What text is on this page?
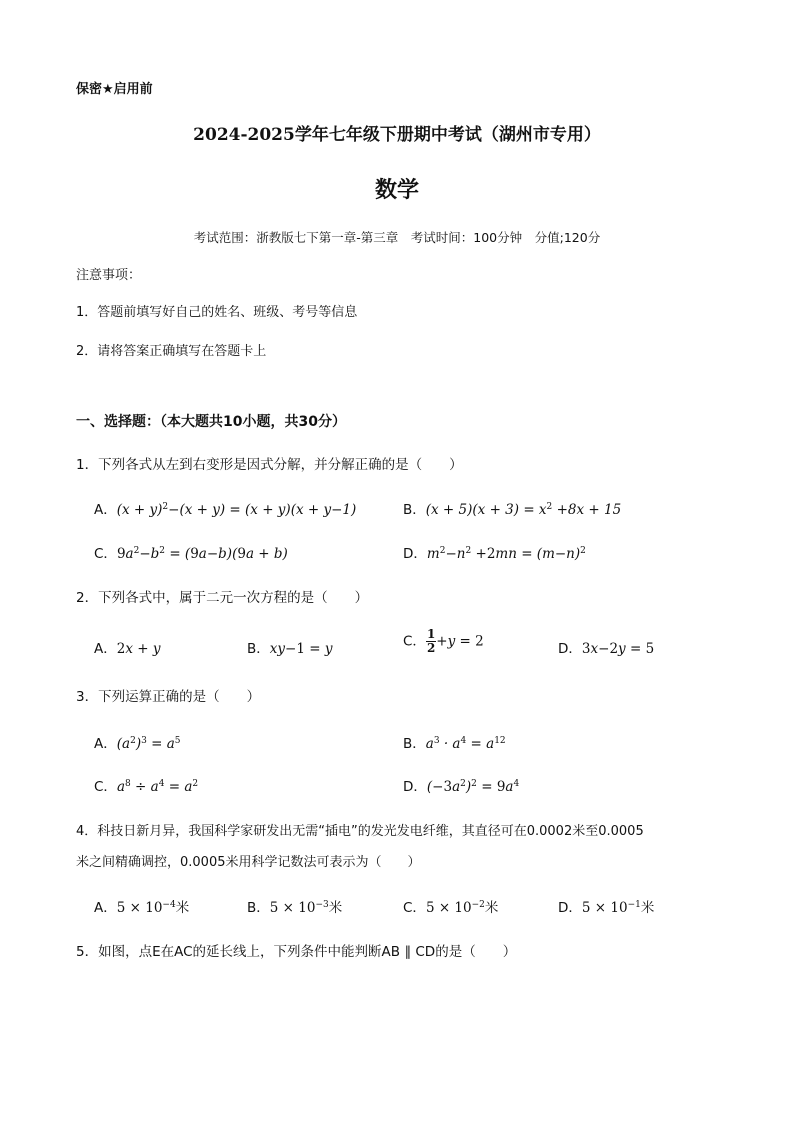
保密★启用前
2024-2025学年七年级下册期中考试（湖州市专用）
数学
考试范围：浙教版七下第一章-第三章　考试时间：100分钟　分值;120分
注意事项：
1．答题前填写好自己的姓名、班级、考号等信息
2．请将答案正确填写在答题卡上
一、选择题：（本大题共10小题，共30分）
1．下列各式从左到右变形是因式分解，并分解正确的是（　　）
A．$(x + y)^2-(x + y) = (x + y)(x + y-1)$	B．$(x + 5)(x + 3) = x^2 +8x + 15$
C．$9a^2-b^2 = (9a-b)(9a + b)$	D．$m^2-n^2 +2mn = (m-n)^2$
2．下列各式中，属于二元一次方程的是（　　）
A．2x + y	B．xy−1 = y	C． $\frac{1}{2} +y = 2$	D．3x−2y = 5
3．下列运算正确的是（　　）
A．$(a^2)^3 = a^5$	B．$a^3 \cdot a^4 = a^{12}$
C．$a^8 \div a^4 = a^2$	D．$(-3a^2)^2 = 9a^4$
4．科技日新月异，我国科学家研发出无需“插电”的发光发电纤维，其直径可在0.0002米至0.0005
米之间精确调控，0.0005米用科学记数法可表示为（　　）
A．$5 \times 10^{-4}$米	B．$5 \times 10^{-3}$米	C．$5 \times 10^{-2}$米	D．$5 \times 10^{-1}$米
5．如图，点E在AC的延长线上，下列条件中能判断AB ∥ CD的是（　　）
